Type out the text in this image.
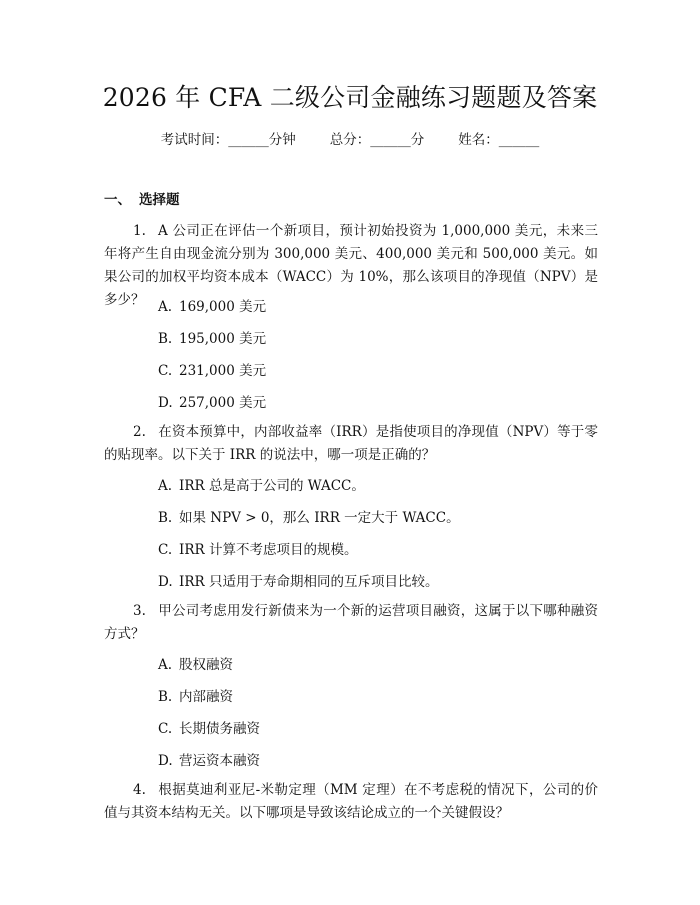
2026 年 CFA 二级公司金融练习题题及答案
考试时间：______分钟	总分：______分	姓名：______
一、 选择题
1. A 公司正在评估一个新项目，预计初始投资为 1,000,000 美元，未来三年将产生自由现金流分别为 300,000 美元、400,000 美元和 500,000 美元。如果公司的加权平均资本成本（WACC）为 10%，那么该项目的净现值（NPV）是多少？	A. 169,000 美元
B. 195,000 美元
C. 231,000 美元
D. 257,000 美元
2. 在资本预算中，内部收益率（IRR）是指使项目的净现值（NPV）等于零的贴现率。以下关于 IRR 的说法中，哪一项是正确的？
A. IRR 总是高于公司的 WACC。
B. 如果 NPV > 0，那么 IRR 一定大于 WACC。
C. IRR 计算不考虑项目的规模。
D. IRR 只适用于寿命期相同的互斥项目比较。
3. 甲公司考虑用发行新债来为一个新的运营项目融资，这属于以下哪种融资方式？
A. 股权融资
B. 内部融资
C. 长期债务融资
D. 营运资本融资
4. 根据莫迪利亚尼-米勒定理（MM 定理）在不考虑税的情况下，公司的价值与其资本结构无关。以下哪项是导致该结论成立的一个关键假设？
